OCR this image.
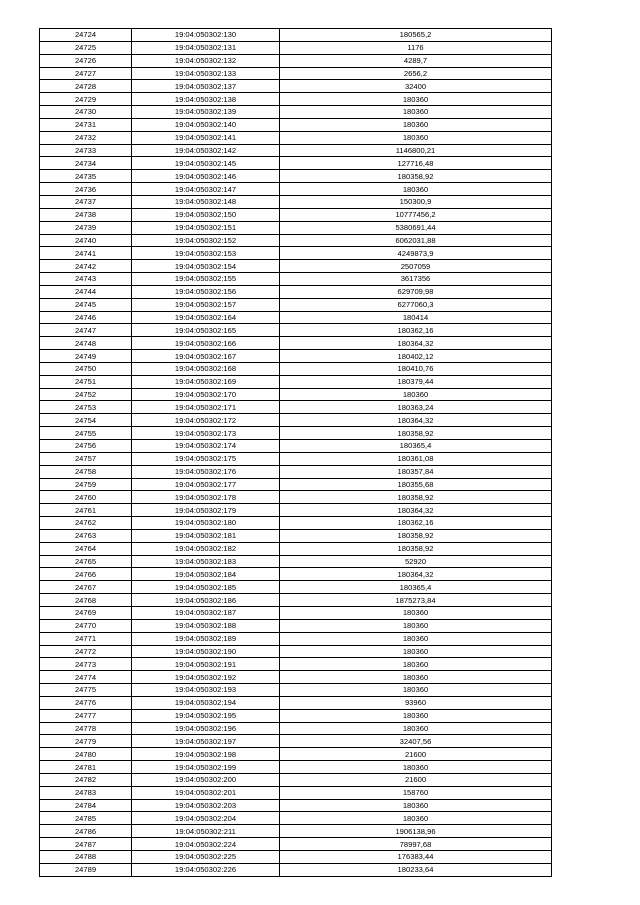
24724	19:04:050302:130	180565,2
24725	19:04:050302:131	1176
24726	19:04:050302:132	4289,7
24727	19:04:050302:133	2656,2
24728	19:04:050302:137	32400
24729	19:04:050302:138	180360
24730	19:04:050302:139	180360
24731	19:04:050302:140	180360
24732	19:04:050302:141	180360
24733	19:04:050302:142	1146800,21
24734	19:04:050302:145	127716,48
24735	19:04:050302:146	180358,92
24736	19:04:050302:147	180360
24737	19:04:050302:148	150300,9
24738	19:04:050302:150	10777456,2
24739	19:04:050302:151	5380691,44
24740	19:04:050302:152	6062031,88
24741	19:04:050302:153	4249873,9
24742	19:04:050302:154	2507059
24743	19:04:050302:155	3617356
24744	19:04:050302:156	629709,98
24745	19:04:050302:157	6277060,3
24746	19:04:050302:164	180414
24747	19:04:050302:165	180362,16
24748	19:04:050302:166	180364,32
24749	19:04:050302:167	180402,12
24750	19:04:050302:168	180410,76
24751	19:04:050302:169	180379,44
24752	19:04:050302:170	180360
24753	19:04:050302:171	180363,24
24754	19:04:050302:172	180364,32
24755	19:04:050302:173	180358,92
24756	19:04:050302:174	180365,4
24757	19:04:050302:175	180361,08
24758	19:04:050302:176	180357,84
24759	19:04:050302:177	180355,68
24760	19:04:050302:178	180358,92
24761	19:04:050302:179	180364,32
24762	19:04:050302:180	180362,16
24763	19:04:050302:181	180358,92
24764	19:04:050302:182	180358,92
24765	19:04:050302:183	52920
24766	19:04:050302:184	180364,32
24767	19:04:050302:185	180365,4
24768	19:04:050302:186	1875273,84
24769	19:04:050302:187	180360
24770	19:04:050302:188	180360
24771	19:04:050302:189	180360
24772	19:04:050302:190	180360
24773	19:04:050302:191	180360
24774	19:04:050302:192	180360
24775	19:04:050302:193	180360
24776	19:04:050302:194	93960
24777	19:04:050302:195	180360
24778	19:04:050302:196	180360
24779	19:04:050302:197	32407,56
24780	19:04:050302:198	21600
24781	19:04:050302:199	180360
24782	19:04:050302:200	21600
24783	19:04:050302:201	158760
24784	19:04:050302:203	180360
24785	19:04:050302:204	180360
24786	19:04:050302:211	1906138,96
24787	19:04:050302:224	78997,68
24788	19:04:050302:225	176383,44
24789	19:04:050302:226	180233,64
